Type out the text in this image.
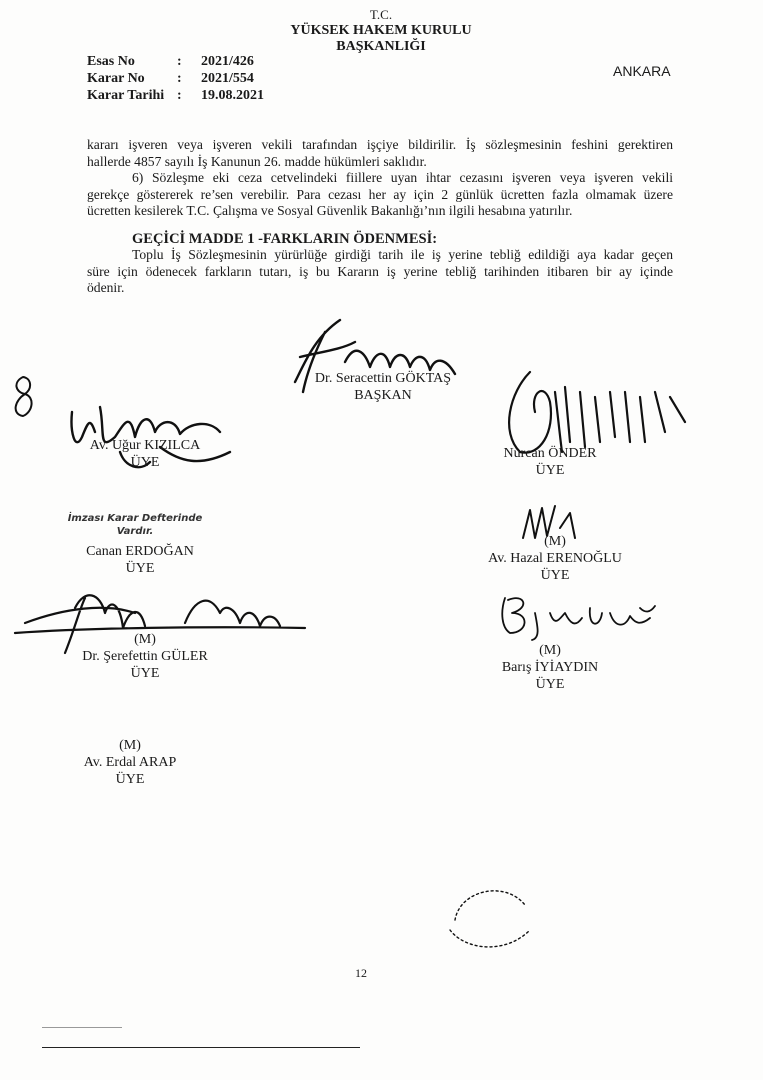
T.C.
YÜKSEK HAKEM KURULU
BAŞKANLIĞI
ANKARA
Esas No	:	2021/426
Karar No	:	2021/554
Karar Tarihi :	19.08.2021
kararı işveren veya işveren vekili tarafından işçiye bildirilir. İş sözleşmesinin feshini gerektiren
hallerde 4857 sayılı İş Kanunun 26. madde hükümleri saklıdır.
6) Sözleşme eki ceza cetvelindeki fiillere uyan ihtar cezasını işveren veya işveren vekili
gerekçe göstererek re’sen verebilir. Para cezası her ay için 2 günlük ücretten fazla olmamak üzere
ücretten kesilerek T.C. Çalışma ve Sosyal Güvenlik Bakanlığı’nın ilgili hesabına yatırılır.
GEÇİCİ MADDE 1 -FARKLARIN ÖDENMESİ:
Toplu İş Sözleşmesinin yürürlüğe girdiği tarih ile iş yerine tebliğ edildiği aya kadar geçen
süre için ödenecek farkların tutarı, iş bu Kararın iş yerine tebliğ tarihinden itibaren bir ay içinde
ödenir.
Dr. Seracettin GÖKTAŞ
BAŞKAN
Av. Uğur KIZILCA
ÜYE
Nurcan ÖNDER
ÜYE
İmzası Karar Defterinde
Vardır.
Canan ERDOĞAN
ÜYE
(M)
Av. Hazal ERENOĞLU
ÜYE
(M)
Dr. Şerefettin GÜLER
ÜYE
(M)
Barış İYİAYDIN
ÜYE
(M)
Av. Erdal ARAP
ÜYE
12
